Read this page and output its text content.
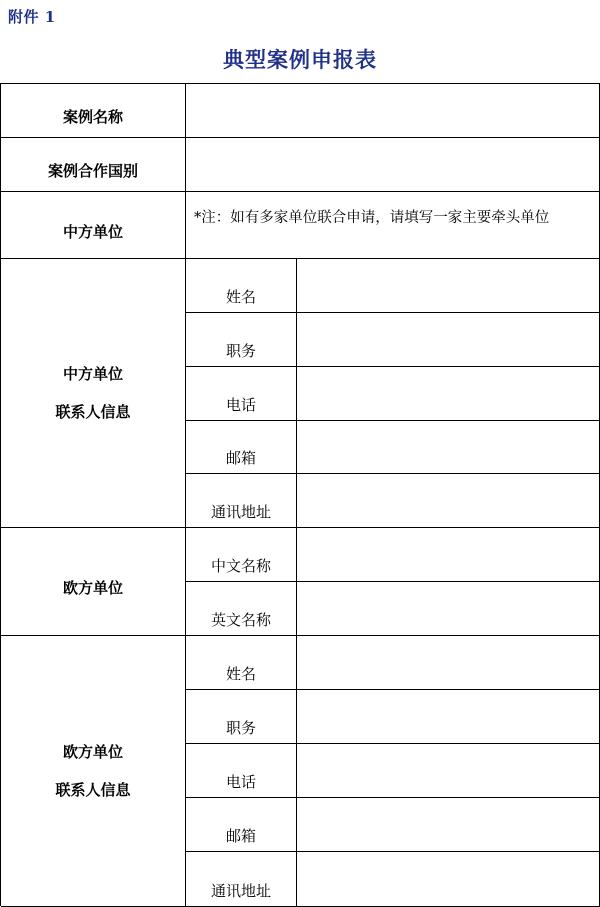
附件 1
典型案例申报表
案例名称
案例合作国别
中方单位
*注：如有多家单位联合申请，请填写一家主要牵头单位
中方单位
联系人信息
姓名
职务
电话
邮箱
通讯地址
欧方单位
中文名称
英文名称
欧方单位
联系人信息
姓名
职务
电话
邮箱
通讯地址
